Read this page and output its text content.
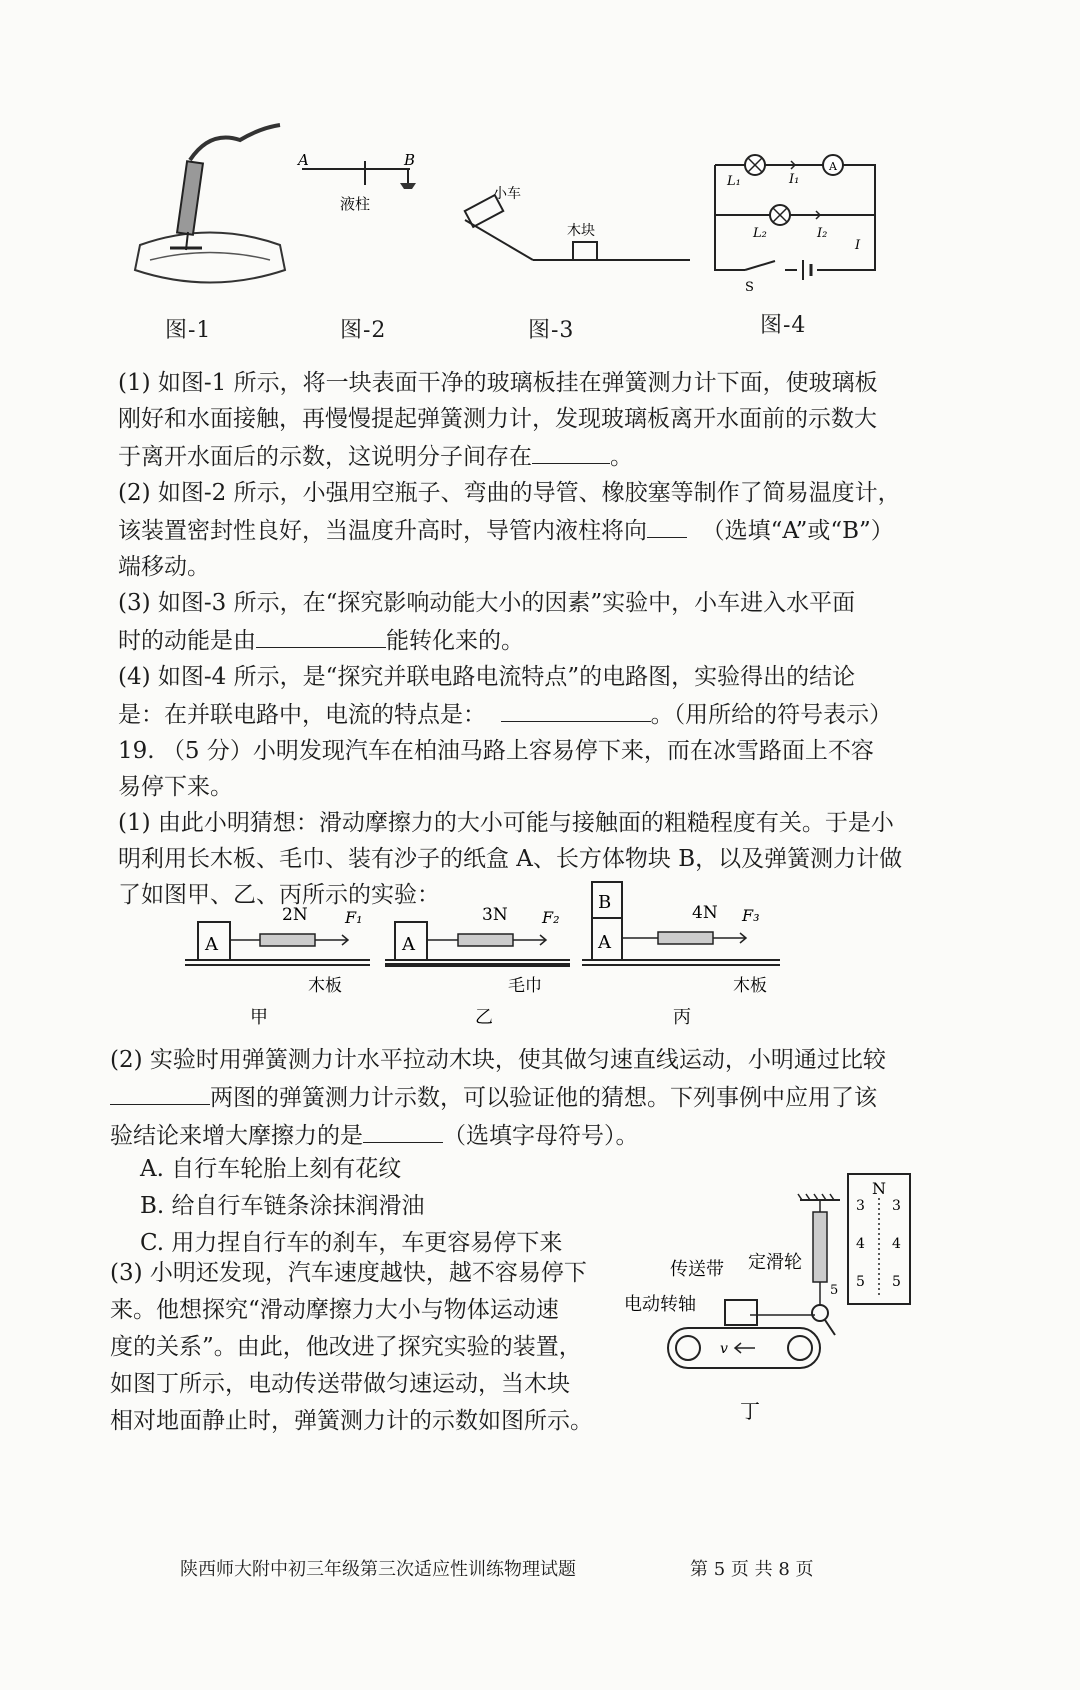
图-1
A	B
液柱
图-2
小车
木块
图-3
L₁
A
I₁
L₂	I₂
I
S
图-4

(1) 如图-1 所示，将一块表面干净的玻璃板挂在弹簧测力计下面，使玻璃板

刚好和水面接触，再慢慢提起弹簧测力计，发现玻璃板离开水面前的示数大

于离开水面后的示数，这说明分子间存在	。

(2) 如图-2 所示，小强用空瓶子、弯曲的导管、橡胶塞等制作了简易温度计，

该装置密封性良好，当温度升高时，导管内液柱将向 （选填“A”或“B”）

端移动。

(3) 如图-3 所示，在“探究影响动能大小的因素”实验中，小车进入水平面

时的动能是由	能转化来的。

(4) 如图-4 所示，是“探究并联电路电流特点”的电路图，实验得出的结论

是：在并联电路中，电流的特点是：	。（用所给的符号表示）

19. （5 分）小明发现汽车在柏油马路上容易停下来，而在冰雪路面上不容

易停下来。

(1) 由此小明猜想：滑动摩擦力的大小可能与接触面的粗糙程度有关。于是小

明利用长木板、毛巾、装有沙子的纸盒 A、长方体物块 B，以及弹簧测力计做

了如图甲、乙、丙所示的实验：

A
2N F₁
木板
甲
A
3N F₂
毛巾
乙
B
A
4N F₃
木板
丙

(2) 实验时用弹簧测力计水平拉动木块，使其做匀速直线运动，小明通过比较

两图的弹簧测力计示数，可以验证他的猜想。下列事例中应用了该

验结论来增大摩擦力的是	（选填字母符号）。

A. 自行车轮胎上刻有花纹
B. 给自行车链条涂抹润滑油
C. 用力捏自行车的刹车，车更容易停下来

(3) 小明还发现，汽车速度越快，越不容易停下

来。他想探究“滑动摩擦力大小与物体运动速

度的关系”。由此，他改进了探究实验的装置，

如图丁所示，电动传送带做匀速运动，当木块

相对地面静止时，弹簧测力计的示数如图所示。

N
3 3
4 4
5 5
5
v
传送带 定滑轮
电动转轴
丁
陕西师大附中初三年级第三次适应性训练物理试题	第 5 页 共 8 页
